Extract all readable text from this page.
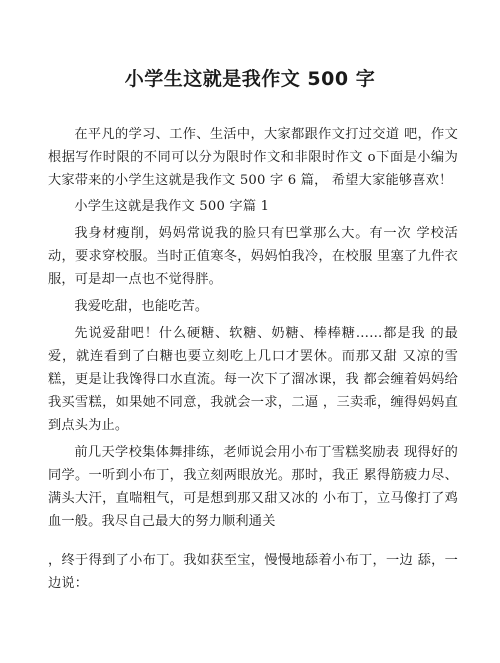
小学生这就是我作文 500 字

在平凡的学习、工作、生活中，大家都跟作文打过交道 吧，作文根据写作时限的不同可以分为限时作文和非限时作文 o下面是小编为大家带来的小学生这就是我作文 500 字 6 篇， 希望大家能够喜欢！

小学生这就是我作文 500 字篇 1

我身材瘦削，妈妈常说我的脸只有巴掌那么大。有一次 学校活动，要求穿校服。当时正值寒冬，妈妈怕我冷，在校服 里塞了九件衣服，可是却一点也不觉得胖。

我爱吃甜，也能吃苦。

先说爱甜吧！什么硬糖、软糖、奶糖、棒棒糖……都是我 的最爱，就连看到了白糖也要立刻吃上几口才罢休。而那又甜 又凉的雪糕，更是让我馋得口水直流。每一次下了溜冰课，我 都会缠着妈妈给我买雪糕，如果她不同意，我就会一求，二逼 ，三卖乖，缠得妈妈直到点头为止。

前几天学校集体舞排练，老师说会用小布丁雪糕奖励表 现得好的同学。一听到小布丁，我立刻两眼放光。那时，我正 累得筋疲力尽、满头大汗，直喘粗气，可是想到那又甜又冰的 小布丁，立马像打了鸡血一般。我尽自己最大的努力顺利通关

，终于得到了小布丁。我如获至宝，慢慢地舔着小布丁，一边 舔，一边说：
